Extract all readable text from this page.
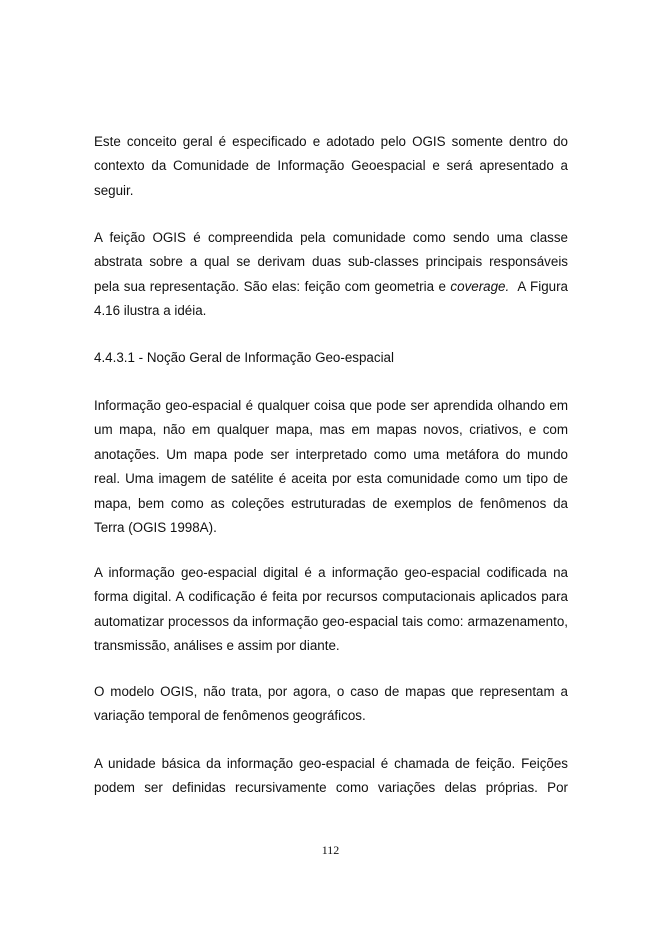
Este conceito geral é especificado e adotado pelo OGIS somente dentro do
contexto da Comunidade de Informação Geoespacial e será apresentado a
seguir.

A feição OGIS é compreendida pela comunidade como sendo uma classe
abstrata sobre a qual se derivam duas sub-classes principais responsáveis
pela sua representação. São elas: feição com geometria e coverage.  A Figura
4.16 ilustra a idéia.

4.4.3.1 - Noção Geral de Informação Geo-espacial

Informação geo-espacial é qualquer coisa que pode ser aprendida olhando em
um mapa, não em qualquer mapa, mas em mapas novos, criativos, e com
anotações. Um mapa pode ser interpretado como uma metáfora do mundo
real. Uma imagem de satélite é aceita por esta comunidade como um tipo de
mapa, bem como as coleções estruturadas de exemplos de fenômenos da
Terra (OGIS 1998A).

A informação geo-espacial digital é a informação geo-espacial codificada na
forma digital. A codificação é feita por recursos computacionais aplicados para
automatizar processos da informação geo-espacial tais como: armazenamento,
transmissão, análises e assim por diante.

O modelo OGIS, não trata, por agora, o caso de mapas que representam a
variação temporal de fenômenos geográficos.

A unidade básica da informação geo-espacial é chamada de feição. Feições
podem ser definidas recursivamente como variações delas próprias. Por

112
